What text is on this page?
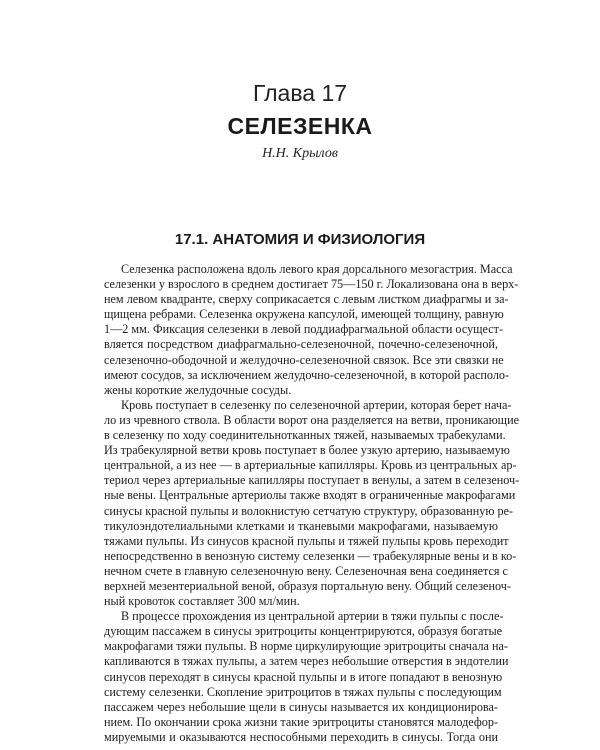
Глава 17
СЕЛЕЗЕНКА
Н.Н. Крылов
17.1. АНАТОМИЯ И ФИЗИОЛОГИЯ
Селезенка расположена вдоль левого края дорсального мезогастрия. Масса
селезенки у взрослого в среднем достигает 75—150 г. Локализована она в верх-
нем левом квадранте, сверху соприкасается с левым листком диафрагмы и за-
щищена ребрами. Селезенка окружена капсулой, имеющей толщину, равную
1—2 мм. Фиксация селезенки в левой поддиафрагмальной области осущест-
вляется посредством диафрагмально-селезеночной, почечно-селезеночной,
селезеночно-ободочной и желудочно-селезеночной связок. Все эти связки не
имеют сосудов, за исключением желудочно-селезеночной, в которой располо-
жены короткие желудочные сосуды.
Кровь поступает в селезенку по селезеночной артерии, которая берет нача-
ло из чревного ствола. В области ворот она разделяется на ветви, проникающие
в селезенку по ходу соединительнотканных тяжей, называемых трабекулами.
Из трабекулярной ветви кровь поступает в более узкую артерию, называемую
центральной, а из нее — в артериальные капилляры. Кровь из центральных ар-
териол через артериальные капилляры поступает в венулы, а затем в селезеноч-
ные вены. Центральные артериолы также входят в ограниченные макрофагами
синусы красной пульпы и волокнистую сетчатую структуру, образованную ре-
тикулоэндотелиальными клетками и тканевыми макрофагами, называемую
тяжами пульпы. Из синусов красной пульпы и тяжей пульпы кровь переходит
непосредственно в венозную систему селезенки — трабекулярные вены и в ко-
нечном счете в главную селезеночную вену. Селезеночная вена соединяется с
верхней мезентериальной веной, образуя портальную вену. Общий селезеноч-
ный кровоток составляет 300 мл/мин.
В процессе прохождения из центральной артерии в тяжи пульпы с после-
дующим пассажем в синусы эритроциты концентрируются, образуя богатые
макрофагами тяжи пульпы. В норме циркулирующие эритроциты сначала на-
капливаются в тяжах пульпы, а затем через небольшие отверстия в эндотелии
синусов переходят в синусы красной пульпы и в итоге попадают в венозную
систему селезенки. Скопление эритроцитов в тяжах пульпы с последующим
пассажем через небольшие щели в синусы называется их кондиционирова-
нием. По окончании срока жизни такие эритроциты становятся малодефор-
мируемыми и оказываются неспособными переходить в синусы. Тогда они
